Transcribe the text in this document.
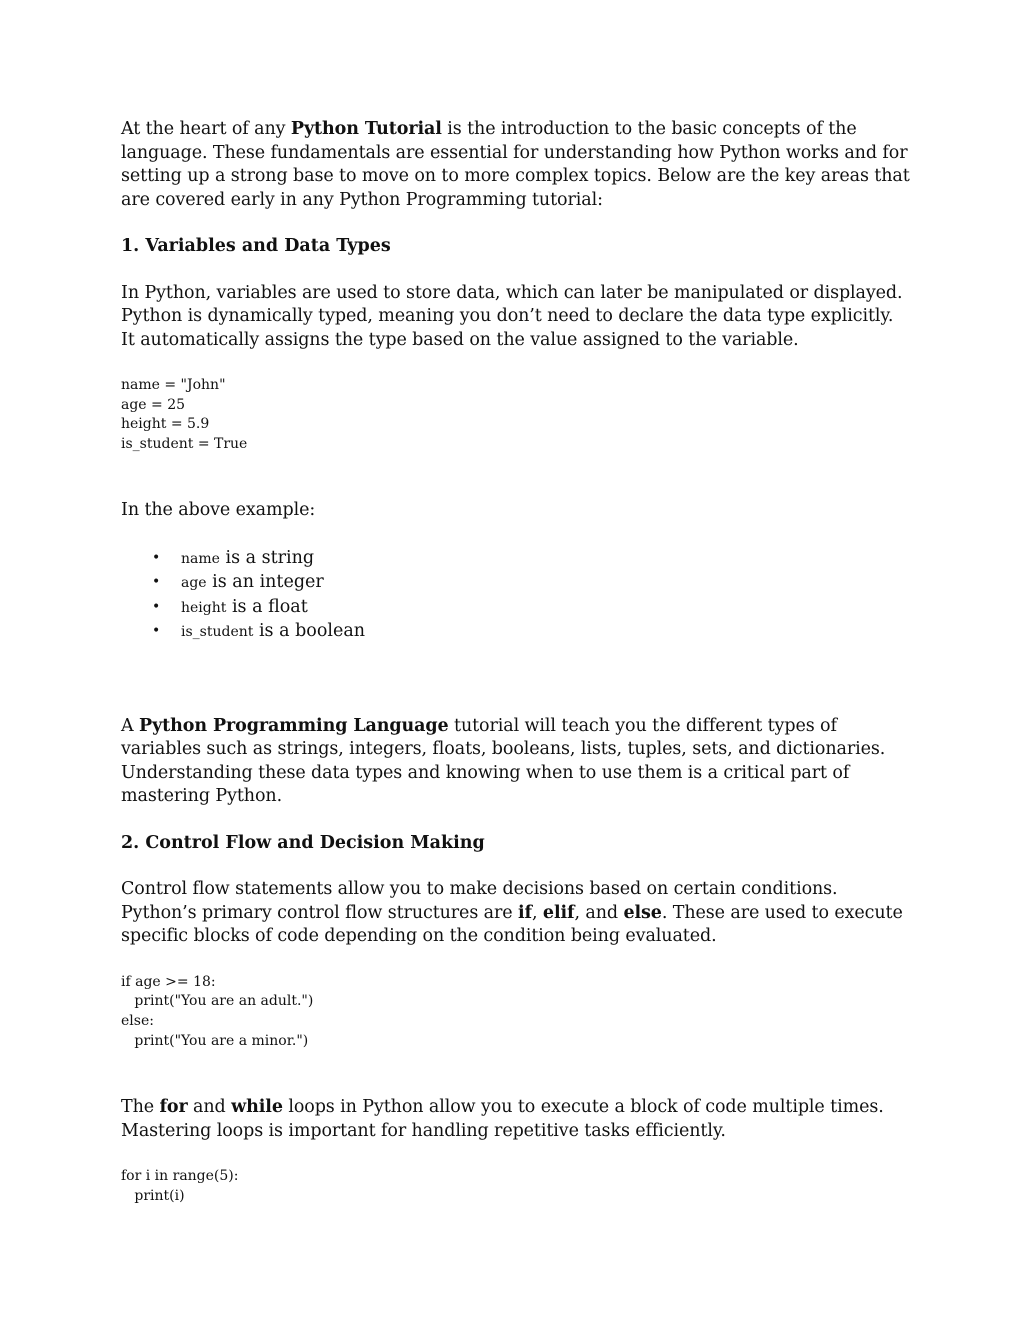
At the heart of any Python Tutorial is the introduction to the basic concepts of the language. These fundamentals are essential for understanding how Python works and for setting up a strong base to move on to more complex topics. Below are the key areas that are covered early in any Python Programming tutorial:

1. Variables and Data Types

In Python, variables are used to store data, which can later be manipulated or displayed. Python is dynamically typed, meaning you don’t need to declare the data type explicitly. It automatically assigns the type based on the value assigned to the variable.

name = "John"
age = 25
height = 5.9
is_student = True

In the above example:

• name is a string
• age is an integer
• height is a float
• is_student is a boolean

A Python Programming Language tutorial will teach you the different types of variables such as strings, integers, floats, booleans, lists, tuples, sets, and dictionaries. Understanding these data types and knowing when to use them is a critical part of mastering Python.

2. Control Flow and Decision Making

Control flow statements allow you to make decisions based on certain conditions. Python’s primary control flow structures are if, elif, and else. These are used to execute specific blocks of code depending on the condition being evaluated.

if age >= 18:
print("You are an adult.")
else:
print("You are a minor.")

The for and while loops in Python allow you to execute a block of code multiple times. Mastering loops is important for handling repetitive tasks efficiently.

for i in range(5):
print(i)
